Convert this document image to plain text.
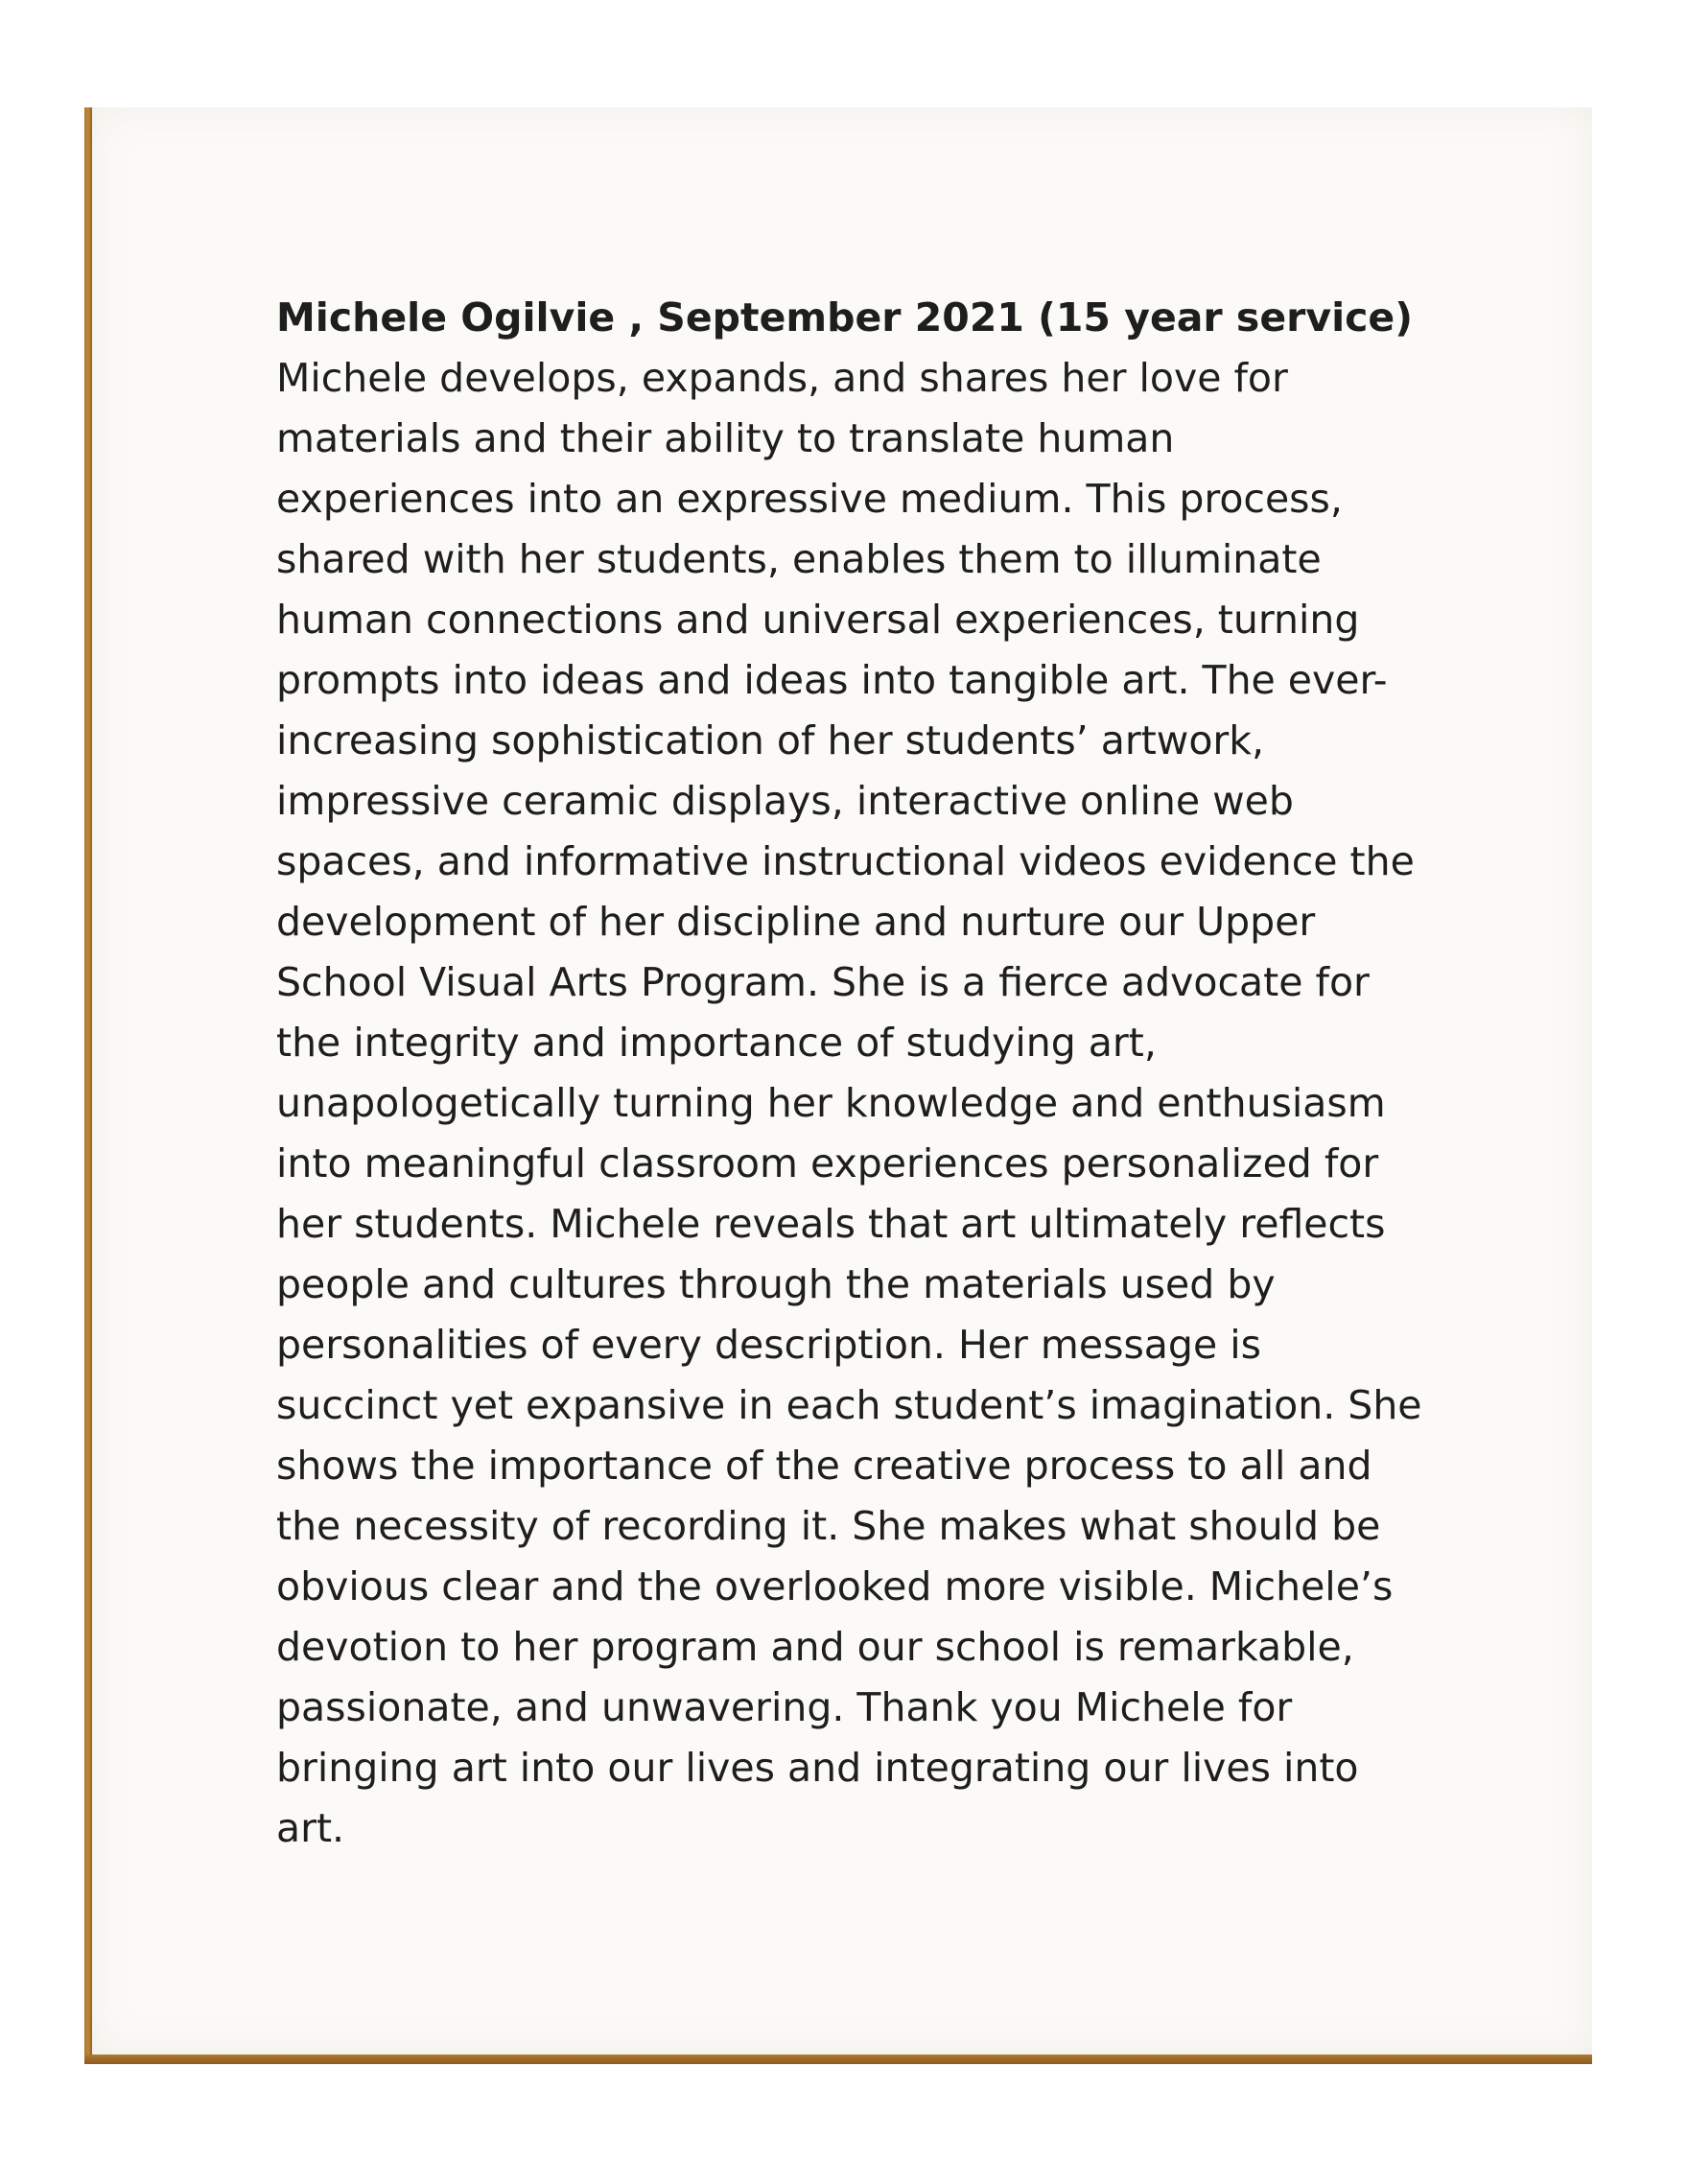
Michele Ogilvie , September 2021 (15 year service)

Michele develops, expands, and shares her love for

materials and their ability to translate human

experiences into an expressive medium. This process,

shared with her students, enables them to illuminate

human connections and universal experiences, turning

prompts into ideas and ideas into tangible art. The ever-

increasing sophistication of her students’ artwork,

impressive ceramic displays, interactive online web

spaces, and informative instructional videos evidence the

development of her discipline and nurture our Upper

School Visual Arts Program. She is a fierce advocate for

the integrity and importance of studying art,

unapologetically turning her knowledge and enthusiasm

into meaningful classroom experiences personalized for

her students. Michele reveals that art ultimately reflects

people and cultures through the materials used by

personalities of every description. Her message is

succinct yet expansive in each student’s imagination. She

shows the importance of the creative process to all and

the necessity of recording it. She makes what should be

obvious clear and the overlooked more visible. Michele’s

devotion to her program and our school is remarkable,

passionate, and unwavering. Thank you Michele for

bringing art into our lives and integrating our lives into

art.
